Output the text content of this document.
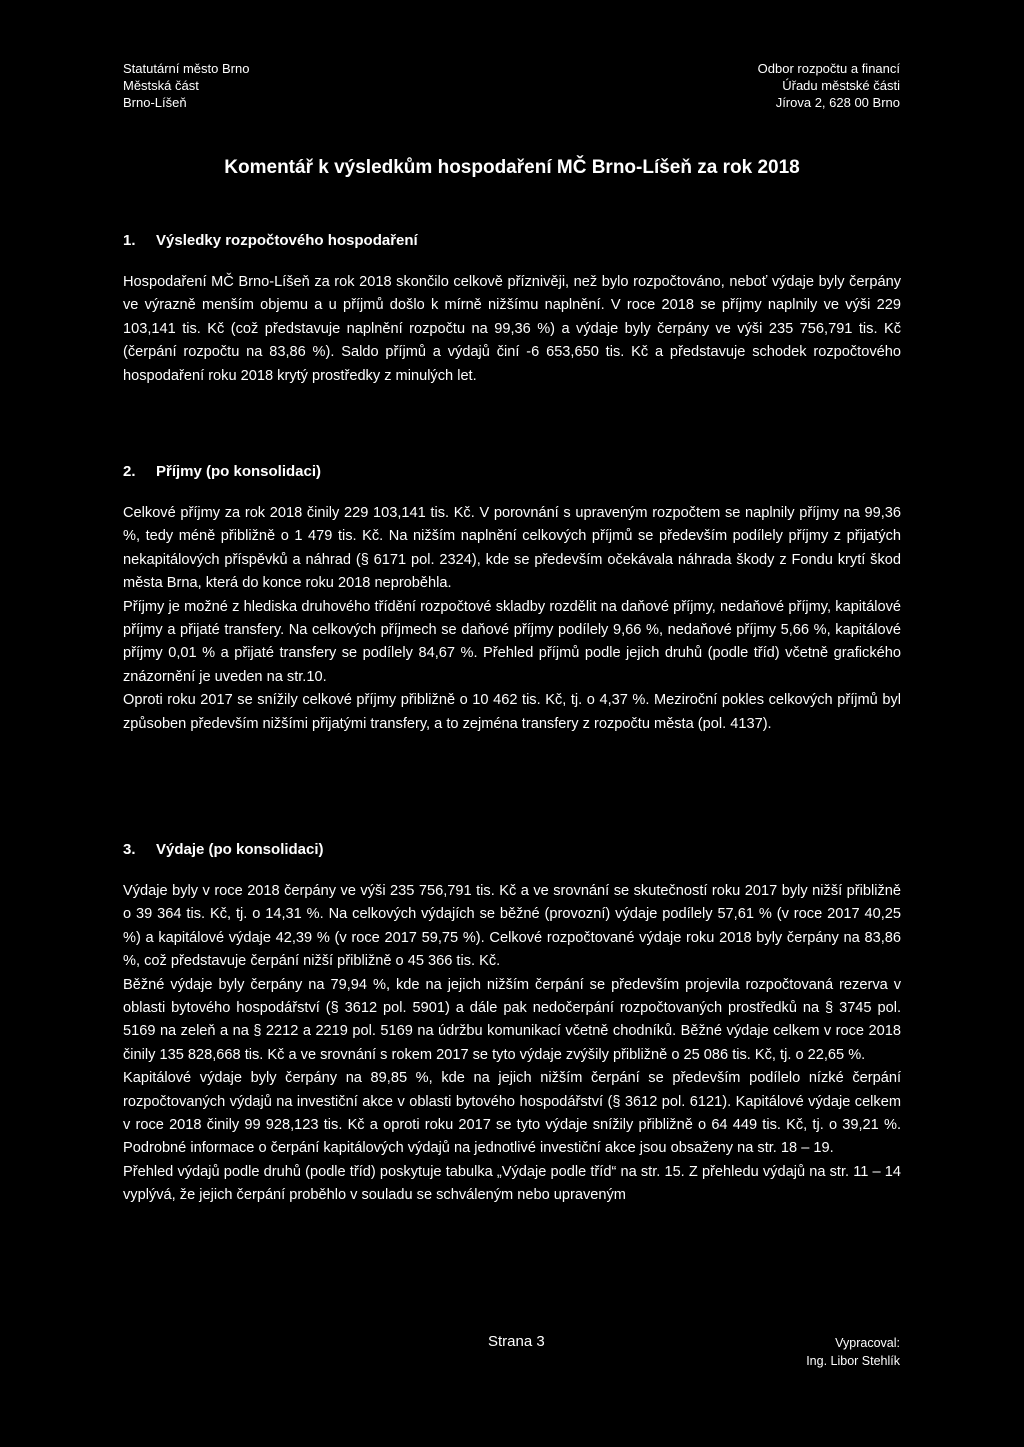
Statutární město Brno
Městská část
Brno-Líšeň
Odbor rozpočtu a financí
Úřadu městské části
Jírova 2, 628 00 Brno
Komentář k výsledkům hospodaření MČ Brno-Líšeň za rok 2018
1. Výsledky rozpočtového hospodaření

Hospodaření MČ Brno-Líšeň za rok 2018 skončilo celkově příznivěji, než bylo rozpočtováno, neboť výdaje byly čerpány ve výrazně menším objemu a u příjmů došlo k mírně nižšímu naplnění. V roce 2018 se příjmy naplnily ve výši 229 103,141 tis. Kč (což představuje naplnění rozpočtu na 99,36 %) a výdaje byly čerpány ve výši 235 756,791 tis. Kč (čerpání rozpočtu na 83,86 %). Saldo příjmů a výdajů činí -6 653,650 tis. Kč a představuje schodek rozpočtového hospodaření roku 2018 krytý prostředky z minulých let.

2. Příjmy (po konsolidaci)

Celkové příjmy za rok 2018 činily 229 103,141 tis. Kč. V porovnání s upraveným rozpočtem se naplnily příjmy na 99,36 %, tedy méně přibližně o 1 479 tis. Kč. Na nižším naplnění celkových příjmů se především podílely příjmy z přijatých nekapitálových příspěvků a náhrad (§ 6171 pol. 2324), kde se především očekávala náhrada škody z Fondu krytí škod města Brna, která do konce roku 2018 neproběhla.

Příjmy je možné z hlediska druhového třídění rozpočtové skladby rozdělit na daňové příjmy, nedaňové příjmy, kapitálové příjmy a přijaté transfery. Na celkových příjmech se daňové příjmy podílely 9,66 %, nedaňové příjmy 5,66 %, kapitálové příjmy 0,01 % a přijaté transfery se podílely 84,67 %. Přehled příjmů podle jejich druhů (podle tříd) včetně grafického znázornění je uveden na str.10.

Oproti roku 2017 se snížily celkové příjmy přibližně o 10 462 tis. Kč, tj. o 4,37 %. Meziroční pokles celkových příjmů byl způsoben především nižšími přijatými transfery, a to zejména transfery z rozpočtu města (pol. 4137).

3. Výdaje (po konsolidaci)

Výdaje byly v roce 2018 čerpány ve výši 235 756,791 tis. Kč a ve srovnání se skutečností roku 2017 byly nižší přibližně o 39 364 tis. Kč, tj. o 14,31 %. Na celkových výdajích se běžné (provozní) výdaje podílely 57,61 % (v roce 2017 40,25 %) a kapitálové výdaje 42,39 % (v roce 2017 59,75 %). Celkové rozpočtované výdaje roku 2018 byly čerpány na 83,86 %, což představuje čerpání nižší přibližně o 45 366 tis. Kč.

Běžné výdaje byly čerpány na 79,94 %, kde na jejich nižším čerpání se především projevila rozpočtovaná rezerva v oblasti bytového hospodářství (§ 3612 pol. 5901) a dále pak nedočerpání rozpočtovaných prostředků na § 3745 pol. 5169 na zeleň a na § 2212 a 2219 pol. 5169 na údržbu komunikací včetně chodníků. Běžné výdaje celkem v roce 2018 činily 135 828,668 tis. Kč a ve srovnání s rokem 2017 se tyto výdaje zvýšily přibližně o 25 086 tis. Kč, tj. o 22,65 %.

Kapitálové výdaje byly čerpány na 89,85 %, kde na jejich nižším čerpání se především podílelo nízké čerpání rozpočtovaných výdajů na investiční akce v oblasti bytového hospodářství (§ 3612 pol. 6121). Kapitálové výdaje celkem v roce 2018 činily 99 928,123 tis. Kč a oproti roku 2017 se tyto výdaje snížily přibližně o 64 449 tis. Kč, tj. o 39,21 %. Podrobné informace o čerpání kapitálových výdajů na jednotlivé investiční akce jsou obsaženy na str. 18 – 19.

Přehled výdajů podle druhů (podle tříd) poskytuje tabulka „Výdaje podle tříd“ na str. 15. Z přehledu výdajů na str. 11 – 14 vyplývá, že jejich čerpání proběhlo v souladu se schváleným nebo upraveným

Strana 3	Vypracoval:
Ing. Libor Stehlík
